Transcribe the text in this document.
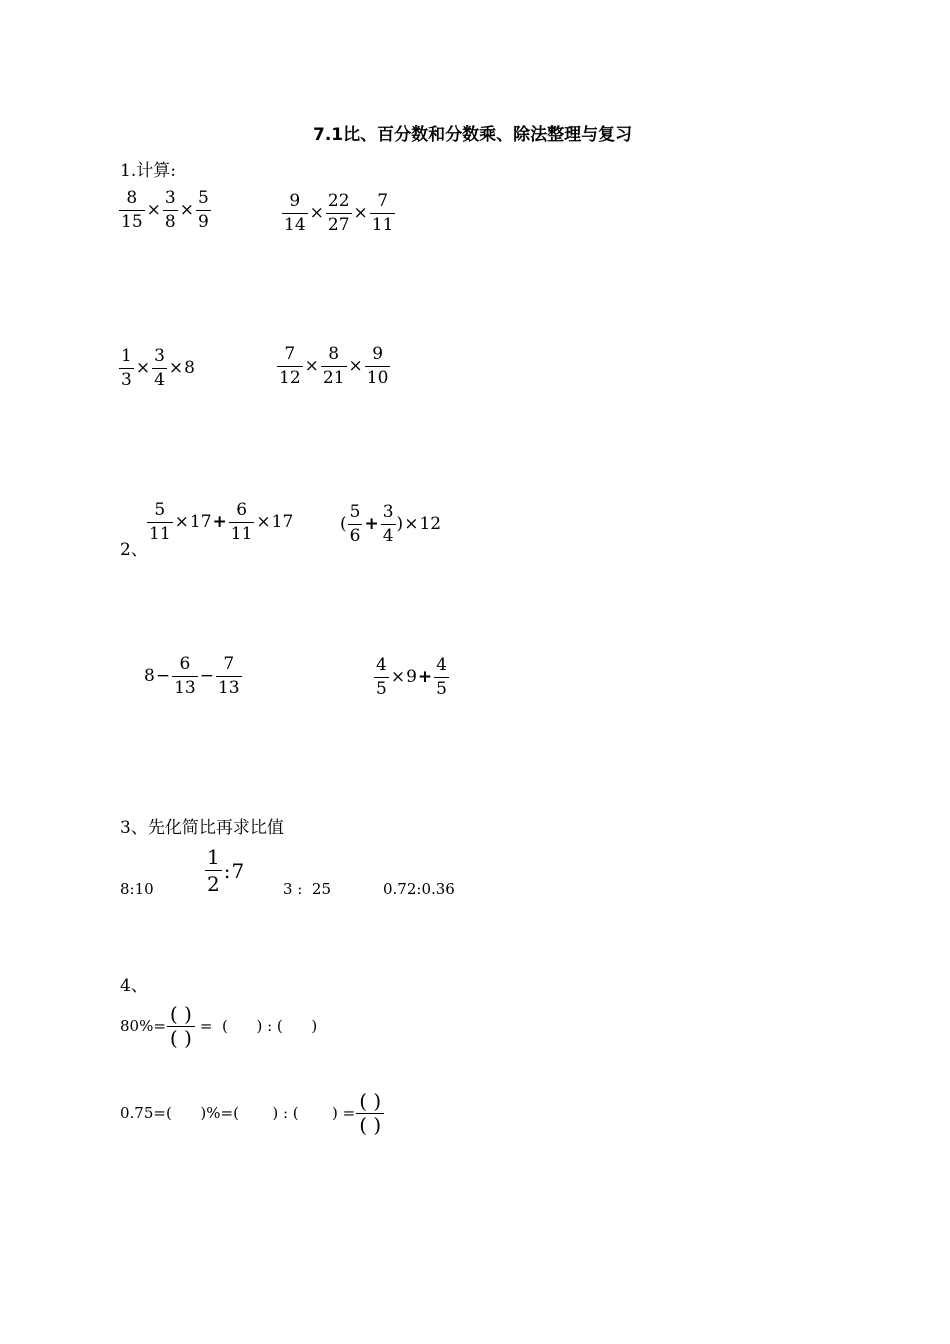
7.1比、百分数和分数乘、除法整理与复习
1.计算:
$\frac{8}{15} \times \frac{3}{8} \times \frac{5}{9}$	$\frac{9}{14} \times \frac{22}{27} \times \frac{7}{11}$
$\frac{1}{3} \times \frac{3}{4} \times 8$	$\frac{7}{12} \times \frac{8}{21} \times \frac{9}{10}$
2、
$\frac{5}{11} \times 17 + \frac{6}{11} \times 17$	( $\frac{5}{6} + \frac{3}{4}$ ) × 12
$8 - \frac{6}{13} - \frac{7}{13}$	$\frac{4}{5} \times 9 + \frac{4}{5}$
3、先化简比再求比值
8:10	$\frac{1}{2}$ : 7
3 :  25	0.72:0.36
4、
$80\%= \frac{( )}{( )}$ =  (      ) : (      )
0.75=(      )%=(       ) : (       ) = $\frac{( )}{( )}$
